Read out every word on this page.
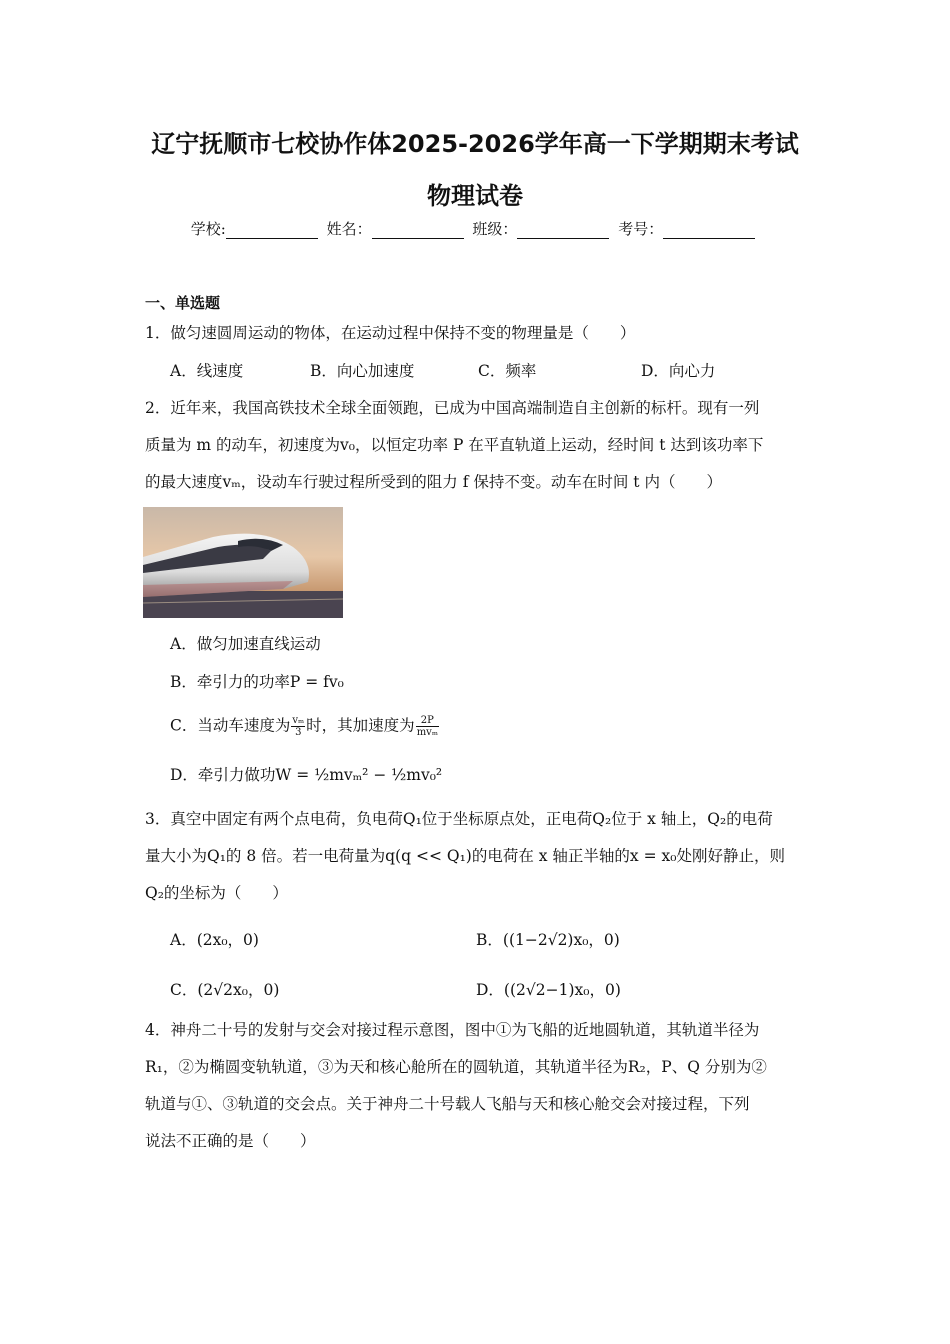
辽宁抚顺市七校协作体2025-2026学年高一下学期期末考试
物理试卷
学校:	姓名：	班级：	考号：
一、单选题
1．做匀速圆周运动的物体，在运动过程中保持不变的物理量是（　　）
A．线速度	B．向心加速度	C．频率	D．向心力
2．近年来，我国高铁技术全球全面领跑，已成为中国高端制造自主创新的标杆。现有一列
质量为 m 的动车，初速度为v₀，以恒定功率 P 在平直轨道上运动，经时间 t 达到该功率下
的最大速度vₘ，设动车行驶过程所受到的阻力 f 保持不变。动车在时间 t 内（　　）
A．做匀加速直线运动
B．牵引力的功率P = fv₀
C．当动车速度为 $\frac{\text{vₘ}}{3}$ 时，其加速度为 $\frac{2P}{\text{mvₘ}}$
D．牵引力做功W = ½mvₘ² − ½mv₀²
3．真空中固定有两个点电荷，负电荷Q₁位于坐标原点处，正电荷Q₂位于 x 轴上，Q₂的电荷
量大小为Q₁的 8 倍。若一电荷量为q(q << Q₁)的电荷在 x 轴正半轴的x = x₀处刚好静止，则
Q₂的坐标为（　　）
A．(2x₀，0)	B．((1−2√2)x₀，0)
C．(2√2x₀，0)	D．((2√2−1)x₀，0)
4．神舟二十号的发射与交会对接过程示意图，图中①为飞船的近地圆轨道，其轨道半径为
R₁，②为椭圆变轨轨道，③为天和核心舱所在的圆轨道，其轨道半径为R₂，P、Q 分别为②
轨道与①、③轨道的交会点。关于神舟二十号载人飞船与天和核心舱交会对接过程，下列
说法不正确的是（　　）
